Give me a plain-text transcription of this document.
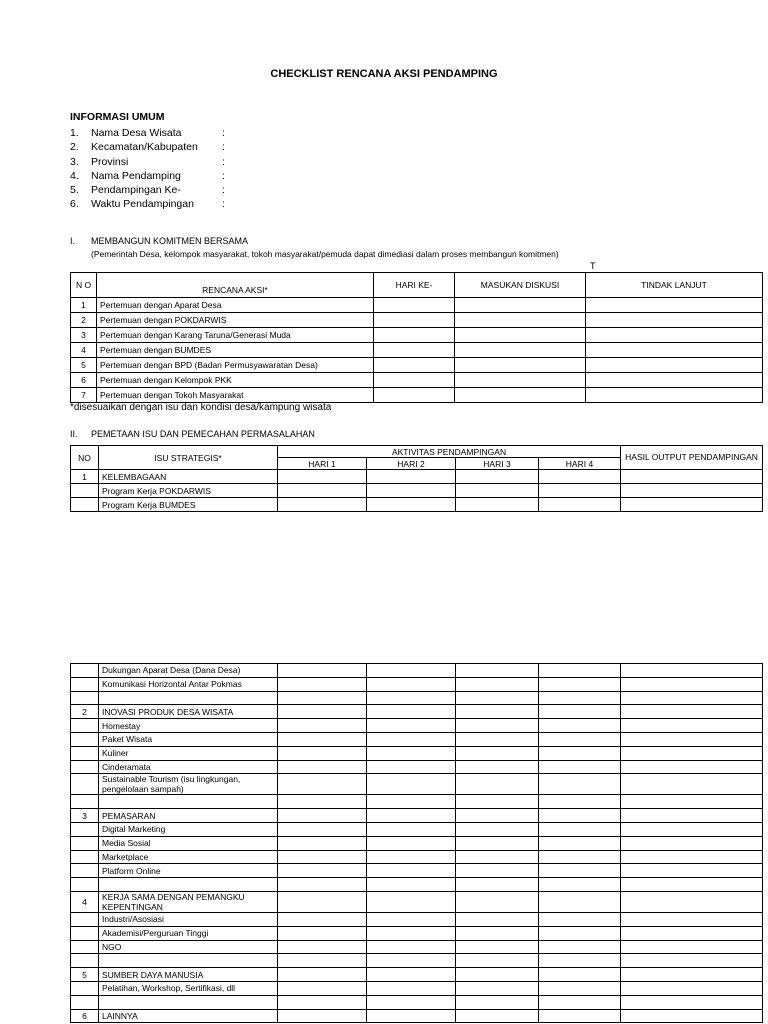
CHECKLIST RENCANA AKSI PENDAMPING
INFORMASI UMUM
1. Nama Desa Wisata	:
2. Kecamatan/Kabupaten :
3. Provinsi	:
4. Nama Pendamping	:
5. Pendampingan Ke-	:
6. Waktu Pendampingan	:
I. MEMBANGUN KOMITMEN BERSAMA
(Pemerintah Desa, kelompok masyarakat, tokoh masyarakat/pemuda dapat dimediasi dalam proses membangun komitmen)
T
N O	RENCANA AKSI*	HARI KE-	MASUKAN DISKUSI	TINDAK LANJUT
1	Pertemuan dengan Aparat Desa			
2	Pertemuan dengan POKDARWIS			
3	Pertemuan dengan Karang Taruna/Generasi Muda			
4	Pertemuan dengan BUMDES			
5	Pertemuan dengan BPD (Badan Permusyawaratan Desa)			
6	Pertemuan dengan Kelompok PKK			
7	Pertemuan dengan Tokoh Masyarakat			
*disesuaikan dengan isu dan kondisi desa/kampung wisata
II. PEMETAAN ISU DAN PEMECAHAN PERMASALAHAN
NO	ISU STRATEGIS*	AKTIVITAS PENDAMPINGAN				HASIL OUTPUT PENDAMPINGAN
		HARI 1	HARI 2	HARI 3	HARI 4	
1	KELEMBAGAAN					
	Program Kerja POKDARWIS					
	Program Kerja BUMDES					
	Dukungan Aparat Desa (Dana Desa)					
	Komunikasi Horizontal Antar Pokmas					

2	INOVASI PRODUK DESA WISATA					
	Homestay					
	Paket Wisata					
	Kuliner					
	Cinderamata					
	Sustainable Tourism (isu lingkungan, pengelolaan sampah)					

3	PEMASARAN					
	Digital Marketing					
	Media Sosial					
	Marketplace					
	Platform Online					

4	KERJA SAMA DENGAN PEMANGKU KEPENTINGAN					
	Industri/Asosiasi					
	Akademisi/Perguruan Tinggi					
	NGO					

5	SUMBER DAYA MANUSIA					
	Pelatihan, Workshop, Sertifikasi, dll					

6	LAINNYA					
